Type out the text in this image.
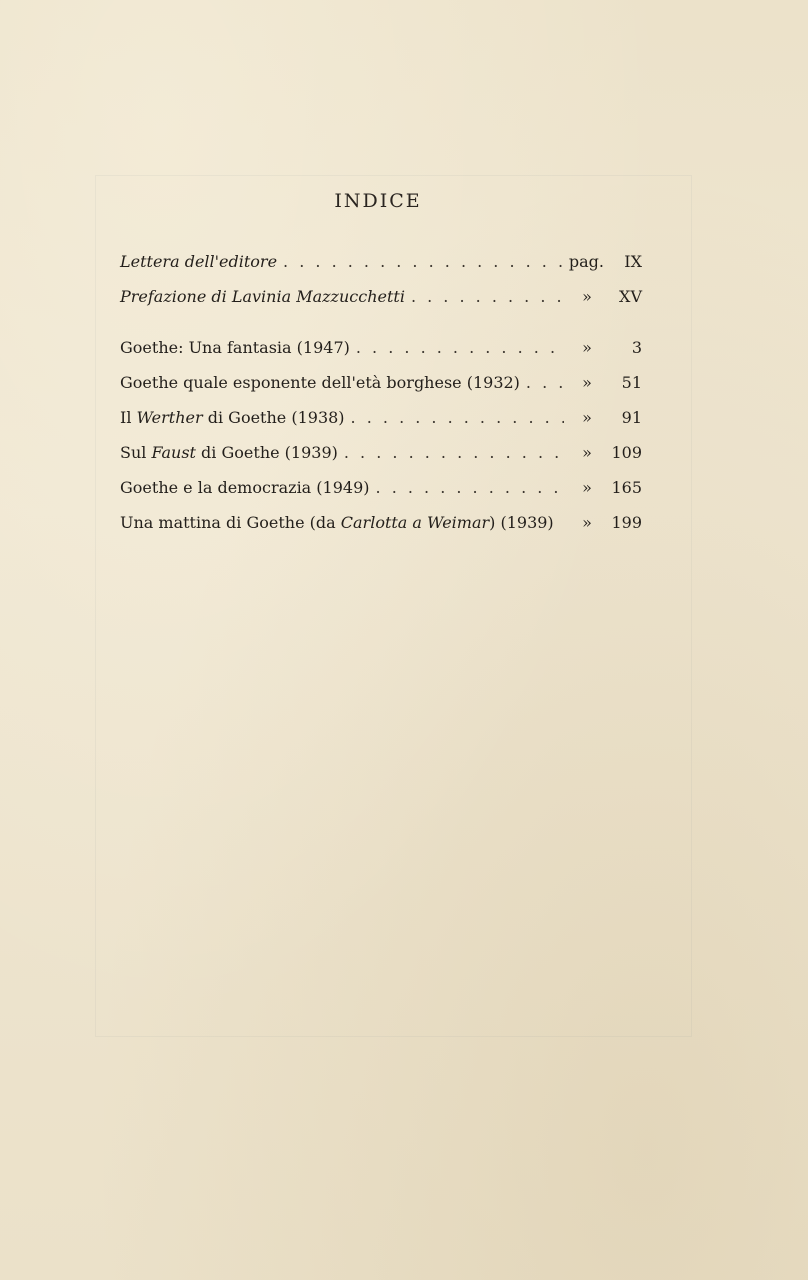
INDICE
Lettera dell'editore . . .	pag.	IX
Prefazione di Lavinia Mazzucchetti . . .	»	XV
Goethe: Una fantasia (1947) . . .	»	3
Goethe quale esponente dell'età borghese (1932) . . .	»	51
Il Werther di Goethe (1938) . . .	»	91
Sul Faust di Goethe (1939) . . .	»	109
Goethe e la democrazia (1949) . . .	»	165
Una mattina di Goethe (da Carlotta a Weimar) (1939)	»	199
